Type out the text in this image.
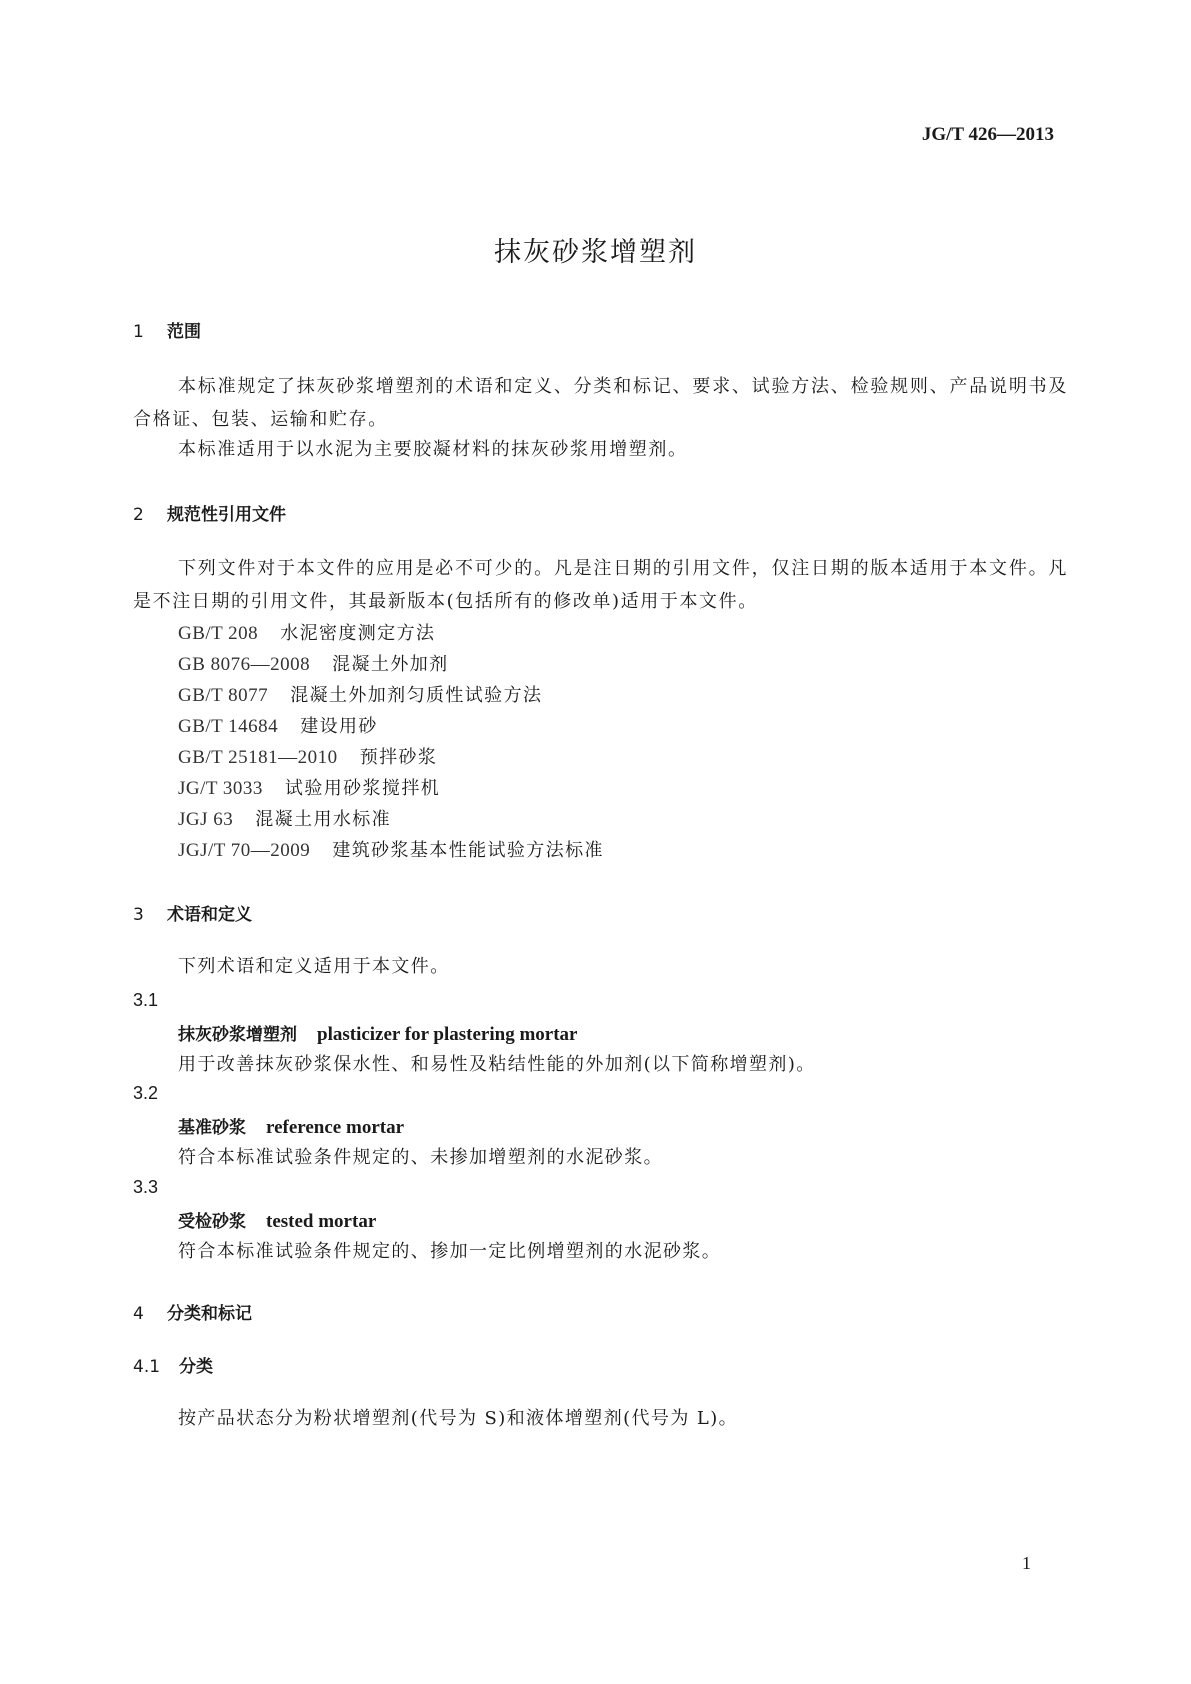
JG/T 426—2013
抹灰砂浆增塑剂
1 范围
本标准规定了抹灰砂浆增塑剂的术语和定义、分类和标记、要求、试验方法、检验规则、产品说明书及合格证、包装、运输和贮存。
本标准适用于以水泥为主要胶凝材料的抹灰砂浆用增塑剂。
2 规范性引用文件
下列文件对于本文件的应用是必不可少的。凡是注日期的引用文件，仅注日期的版本适用于本文件。凡是不注日期的引用文件，其最新版本(包括所有的修改单)适用于本文件。
GB/T 208 水泥密度测定方法
GB 8076—2008 混凝土外加剂
GB/T 8077 混凝土外加剂匀质性试验方法
GB/T 14684 建设用砂
GB/T 25181—2010 预拌砂浆
JG/T 3033 试验用砂浆搅拌机
JGJ 63 混凝土用水标准
JGJ/T 70—2009 建筑砂浆基本性能试验方法标准
3 术语和定义
下列术语和定义适用于本文件。
3.1
抹灰砂浆增塑剂 plasticizer for plastering mortar
用于改善抹灰砂浆保水性、和易性及粘结性能的外加剂(以下简称增塑剂)。
3.2
基准砂浆 reference mortar
符合本标准试验条件规定的、未掺加增塑剂的水泥砂浆。
3.3
受检砂浆 tested mortar
符合本标准试验条件规定的、掺加一定比例增塑剂的水泥砂浆。
4 分类和标记
4.1 分类
按产品状态分为粉状增塑剂(代号为 S)和液体增塑剂(代号为 L)。
1
